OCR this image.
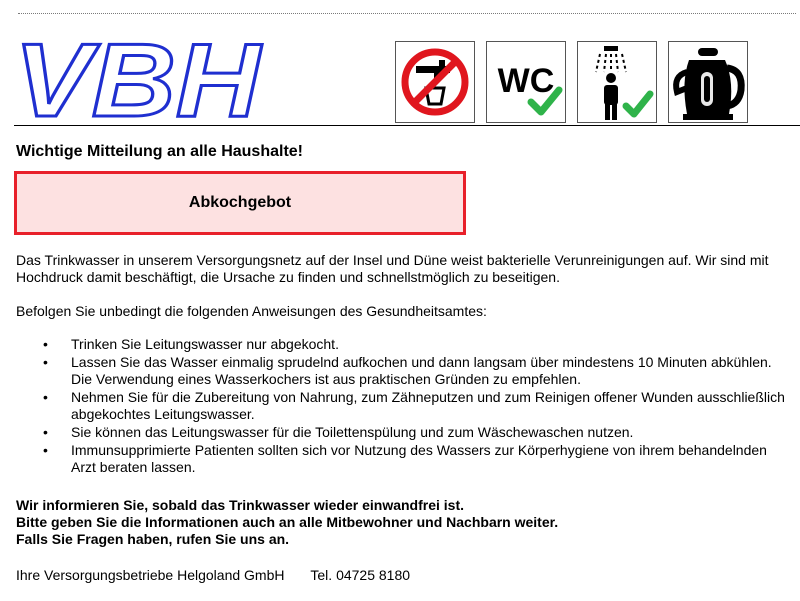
VBH	WC
Wichtige Mitteilung an alle Haushalte!
Abkochgebot
Das Trinkwasser in unserem Versorgungsnetz auf der Insel und Düne weist bakterielle Verunreinigungen auf. Wir sind mit Hochdruck damit beschäftigt, die Ursache zu finden und schnellstmöglich zu beseitigen.
Befolgen Sie unbedingt die folgenden Anweisungen des Gesundheitsamtes:
• Trinken Sie Leitungswasser nur abgekocht.
• Lassen Sie das Wasser einmalig sprudelnd aufkochen und dann langsam über mindestens 10 Minuten abkühlen. Die Verwendung eines Wasserkochers ist aus praktischen Gründen zu empfehlen.
• Nehmen Sie für die Zubereitung von Nahrung, zum Zähneputzen und zum Reinigen offener Wunden ausschließlich abgekochtes Leitungswasser.
• Sie können das Leitungswasser für die Toilettenspülung und zum Wäschewaschen nutzen.
• Immunsupprimierte Patienten sollten sich vor Nutzung des Wassers zur Körperhygiene von ihrem behandelnden Arzt beraten lassen.
Wir informieren Sie, sobald das Trinkwasser wieder einwandfrei ist.
Bitte geben Sie die Informationen auch an alle Mitbewohner und Nachbarn weiter.
Falls Sie Fragen haben, rufen Sie uns an.
Ihre Versorgungsbetriebe Helgoland GmbH Tel. 04725 8180
